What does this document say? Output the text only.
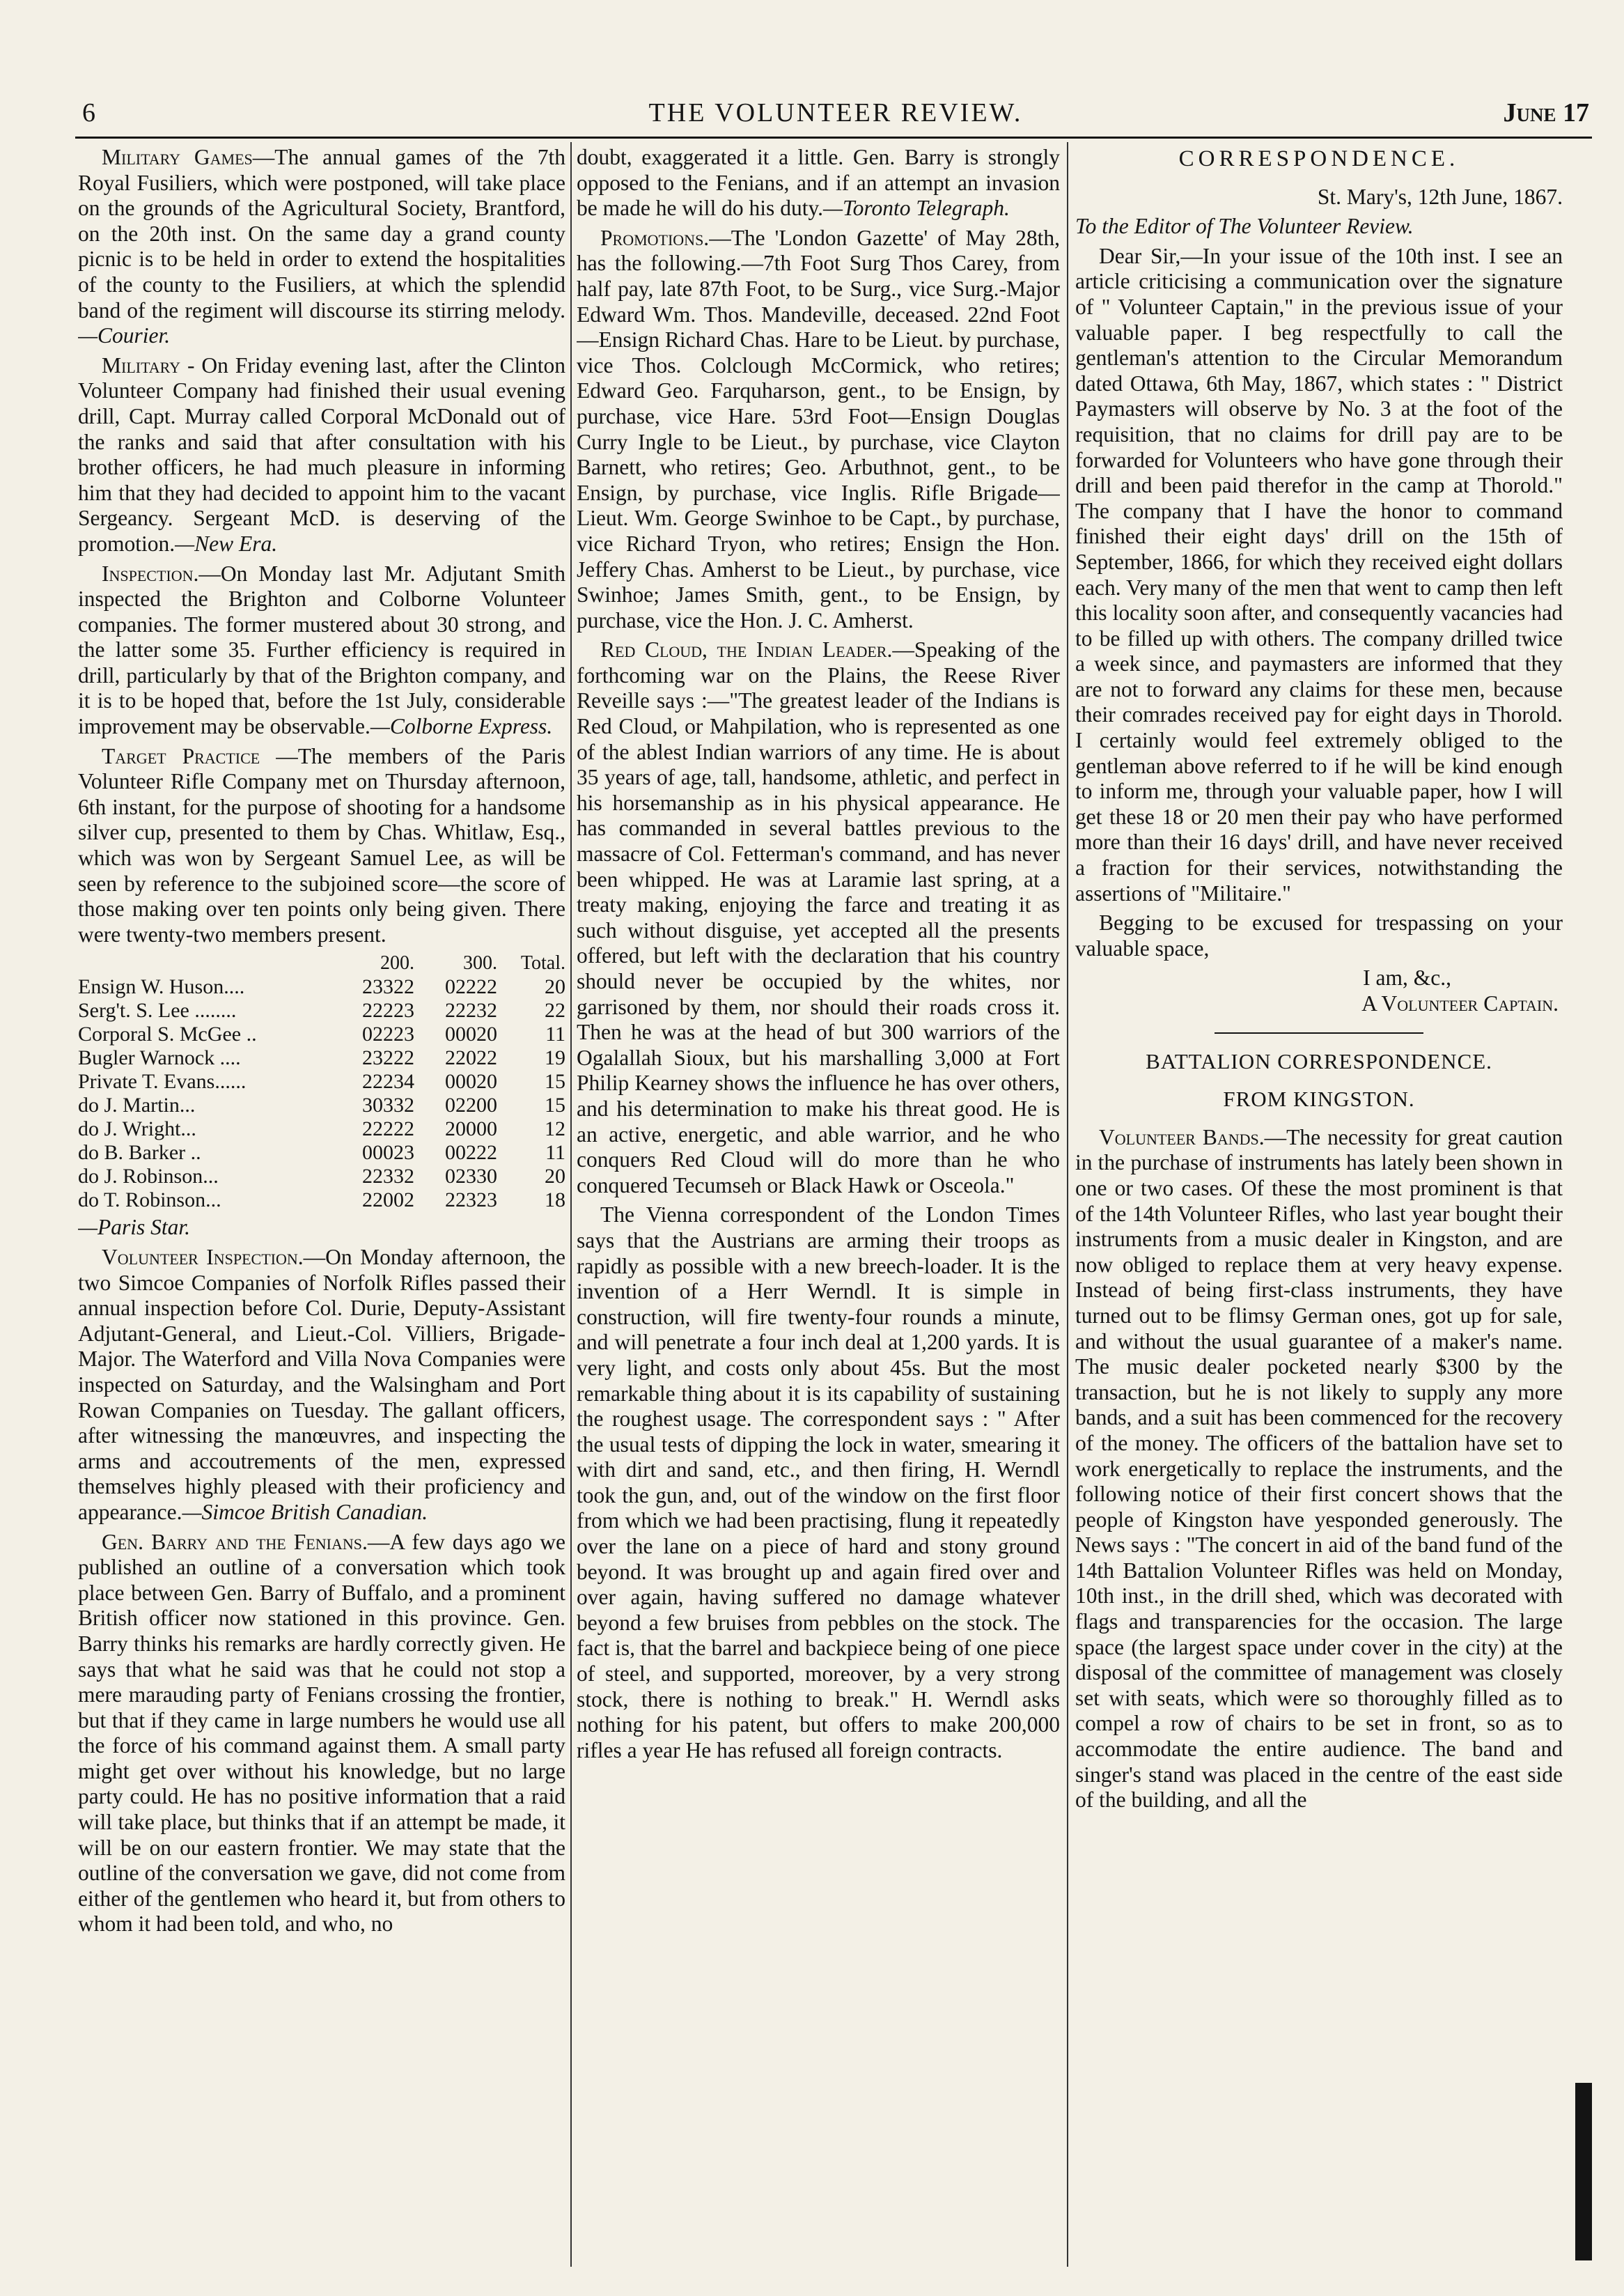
6	THE VOLUNTEER REVIEW.	June 17

Military Games—The annual games of the 7th Royal Fusiliers, which were postponed, will take place on the grounds of the Agricultural Society, Brantford, on the 20th inst. On the same day a grand county picnic is to be held in order to extend the hospitalities of the county to the Fusiliers, at which the splendid band of the regiment will discourse its stirring melody.—Courier.

Military - On Friday evening last, after the Clinton Volunteer Company had finished their usual evening drill, Capt. Murray called Corporal McDonald out of the ranks and said that after consultation with his brother officers, he had much pleasure in informing him that they had decided to appoint him to the vacant Sergeancy. Sergeant McD. is deserving of the promotion.—New Era.

Inspection.—On Monday last Mr. Adjutant Smith inspected the Brighton and Colborne Volunteer companies. The former mustered about 30 strong, and the latter some 35. Further efficiency is required in drill, particularly by that of the Brighton company, and it is to be hoped that, before the 1st July, considerable improvement may be observable.—Colborne Express.

Target Practice —The members of the Paris Volunteer Rifle Company met on Thursday afternoon, 6th instant, for the purpose of shooting for a handsome silver cup, presented to them by Chas. Whitlaw, Esq., which was won by Sergeant Samuel Lee, as will be seen by reference to the subjoined score—the score of those making over ten points only being given. There were twenty-two members present.

	200.	300.	Total.
Ensign W. Huson....	23322	02222	20
Serg't. S. Lee ........	22223	22232	22
Corporal S. McGee ..	02223	00020	11
Bugler Warnock ....	23222	22022	19
Private T. Evans......	22234	00020	15
do J. Martin...	30332	02200	15
do J. Wright...	22222	20000	12
do B. Barker ..	00023	00222	11
do J. Robinson...	22332	02330	20
do T. Robinson...	22002	22323	18

—Paris Star.

Volunteer Inspection.—On Monday afternoon, the two Simcoe Companies of Norfolk Rifles passed their annual inspection before Col. Durie, Deputy-Assistant Adjutant-General, and Lieut.-Col. Villiers, Brigade-Major. The Waterford and Villa Nova Companies were inspected on Saturday, and the Walsingham and Port Rowan Companies on Tuesday. The gallant officers, after witnessing the manœuvres, and inspecting the arms and accoutrements of the men, expressed themselves highly pleased with their proficiency and appearance.—Simcoe British Canadian.

Gen. Barry and the Fenians.—A few days ago we published an outline of a conversation which took place between Gen. Barry of Buffalo, and a prominent British officer now stationed in this province. Gen. Barry thinks his remarks are hardly correctly given. He says that what he said was that he could not stop a mere marauding party of Fenians crossing the frontier, but that if they came in large numbers he would use all the force of his command against them. A small party might get over without his knowledge, but no large party could. He has no positive information that a raid will take place, but thinks that if an attempt be made, it will be on our eastern frontier. We may state that the outline of the conversation we gave, did not come from either of the gentlemen who heard it, but from others to whom it had been told, and who, no

doubt, exaggerated it a little. Gen. Barry is strongly opposed to the Fenians, and if an attempt an invasion be made he will do his duty.—Toronto Telegraph.

Promotions.—The 'London Gazette' of May 28th, has the following.—7th Foot Surg Thos Carey, from half pay, late 87th Foot, to be Surg., vice Surg.-Major Edward Wm. Thos. Mandeville, deceased. 22nd Foot—Ensign Richard Chas. Hare to be Lieut. by purchase, vice Thos. Colclough McCormick, who retires; Edward Geo. Farquharson, gent., to be Ensign, by purchase, vice Hare. 53rd Foot—Ensign Douglas Curry Ingle to be Lieut., by purchase, vice Clayton Barnett, who retires; Geo. Arbuthnot, gent., to be Ensign, by purchase, vice Inglis. Rifle Brigade—Lieut. Wm. George Swinhoe to be Capt., by purchase, vice Richard Tryon, who retires; Ensign the Hon. Jeffery Chas. Amherst to be Lieut., by purchase, vice Swinhoe; James Smith, gent., to be Ensign, by purchase, vice the Hon. J. C. Amherst.

Red Cloud, the Indian Leader.—Speaking of the forthcoming war on the Plains, the Reese River Reveille says :—"The greatest leader of the Indians is Red Cloud, or Mahpilation, who is represented as one of the ablest Indian warriors of any time. He is about 35 years of age, tall, handsome, athletic, and perfect in his horsemanship as in his physical appearance. He has commanded in several battles previous to the massacre of Col. Fetterman's command, and has never been whipped. He was at Laramie last spring, at a treaty making, enjoying the farce and treating it as such without disguise, yet accepted all the presents offered, but left with the declaration that his country should never be occupied by the whites, nor garrisoned by them, nor should their roads cross it. Then he was at the head of but 300 warriors of the Ogalallah Sioux, but his marshalling 3,000 at Fort Philip Kearney shows the influence he has over others, and his determination to make his threat good. He is an active, energetic, and able warrior, and he who conquers Red Cloud will do more than he who conquered Tecumseh or Black Hawk or Osceola."

The Vienna correspondent of the London Times says that the Austrians are arming their troops as rapidly as possible with a new breech-loader. It is the invention of a Herr Werndl. It is simple in construction, will fire twenty-four rounds a minute, and will penetrate a four inch deal at 1,200 yards. It is very light, and costs only about 45s. But the most remarkable thing about it is its capability of sustaining the roughest usage. The correspondent says : " After the usual tests of dipping the lock in water, smearing it with dirt and sand, etc., and then firing, H. Werndl took the gun, and, out of the window on the first floor from which we had been practising, flung it repeatedly over the lane on a piece of hard and stony ground beyond. It was brought up and again fired over and over again, having suffered no damage whatever beyond a few bruises from pebbles on the stock. The fact is, that the barrel and backpiece being of one piece of steel, and supported, moreover, by a very strong stock, there is nothing to break." H. Werndl asks nothing for his patent, but offers to make 200,000 rifles a year He has refused all foreign contracts.

CORRESPONDENCE.

St. Mary's, 12th June, 1867.

To the Editor of The Volunteer Review.

Dear Sir,—In your issue of the 10th inst. I see an article criticising a communication over the signature of " Volunteer Captain," in the previous issue of your valuable paper. I beg respectfully to call the gentleman's attention to the Circular Memorandum dated Ottawa, 6th May, 1867, which states : " District Paymasters will observe by No. 3 at the foot of the requisition, that no claims for drill pay are to be forwarded for Volunteers who have gone through their drill and been paid therefor in the camp at Thorold." The company that I have the honor to command finished their eight days' drill on the 15th of September, 1866, for which they received eight dollars each. Very many of the men that went to camp then left this locality soon after, and consequently vacancies had to be filled up with others. The company drilled twice a week since, and paymasters are informed that they are not to forward any claims for these men, because their comrades received pay for eight days in Thorold. I certainly would feel extremely obliged to the gentleman above referred to if he will be kind enough to inform me, through your valuable paper, how I will get these 18 or 20 men their pay who have performed more than their 16 days' drill, and have never received a fraction for their services, notwithstanding the assertions of "Militaire."

Begging to be excused for trespassing on your valuable space,

I am, &c.,

A Volunteer Captain.

BATTALION CORRESPONDENCE.
FROM KINGSTON.

Volunteer Bands.—The necessity for great caution in the purchase of instruments has lately been shown in one or two cases. Of these the most prominent is that of the 14th Volunteer Rifles, who last year bought their instruments from a music dealer in Kingston, and are now obliged to replace them at very heavy expense. Instead of being first-class instruments, they have turned out to be flimsy German ones, got up for sale, and without the usual guarantee of a maker's name. The music dealer pocketed nearly $300 by the transaction, but he is not likely to supply any more bands, and a suit has been commenced for the recovery of the money. The officers of the battalion have set to work energetically to replace the instruments, and the following notice of their first concert shows that the people of Kingston have yesponded generously. The News says : "The concert in aid of the band fund of the 14th Battalion Volunteer Rifles was held on Monday, 10th inst., in the drill shed, which was decorated with flags and transparencies for the occasion. The large space (the largest space under cover in the city) at the disposal of the committee of management was closely set with seats, which were so thoroughly filled as to compel a row of chairs to be set in front, so as to accommodate the entire audience. The band and singer's stand was placed in the centre of the east side of the building, and all the
